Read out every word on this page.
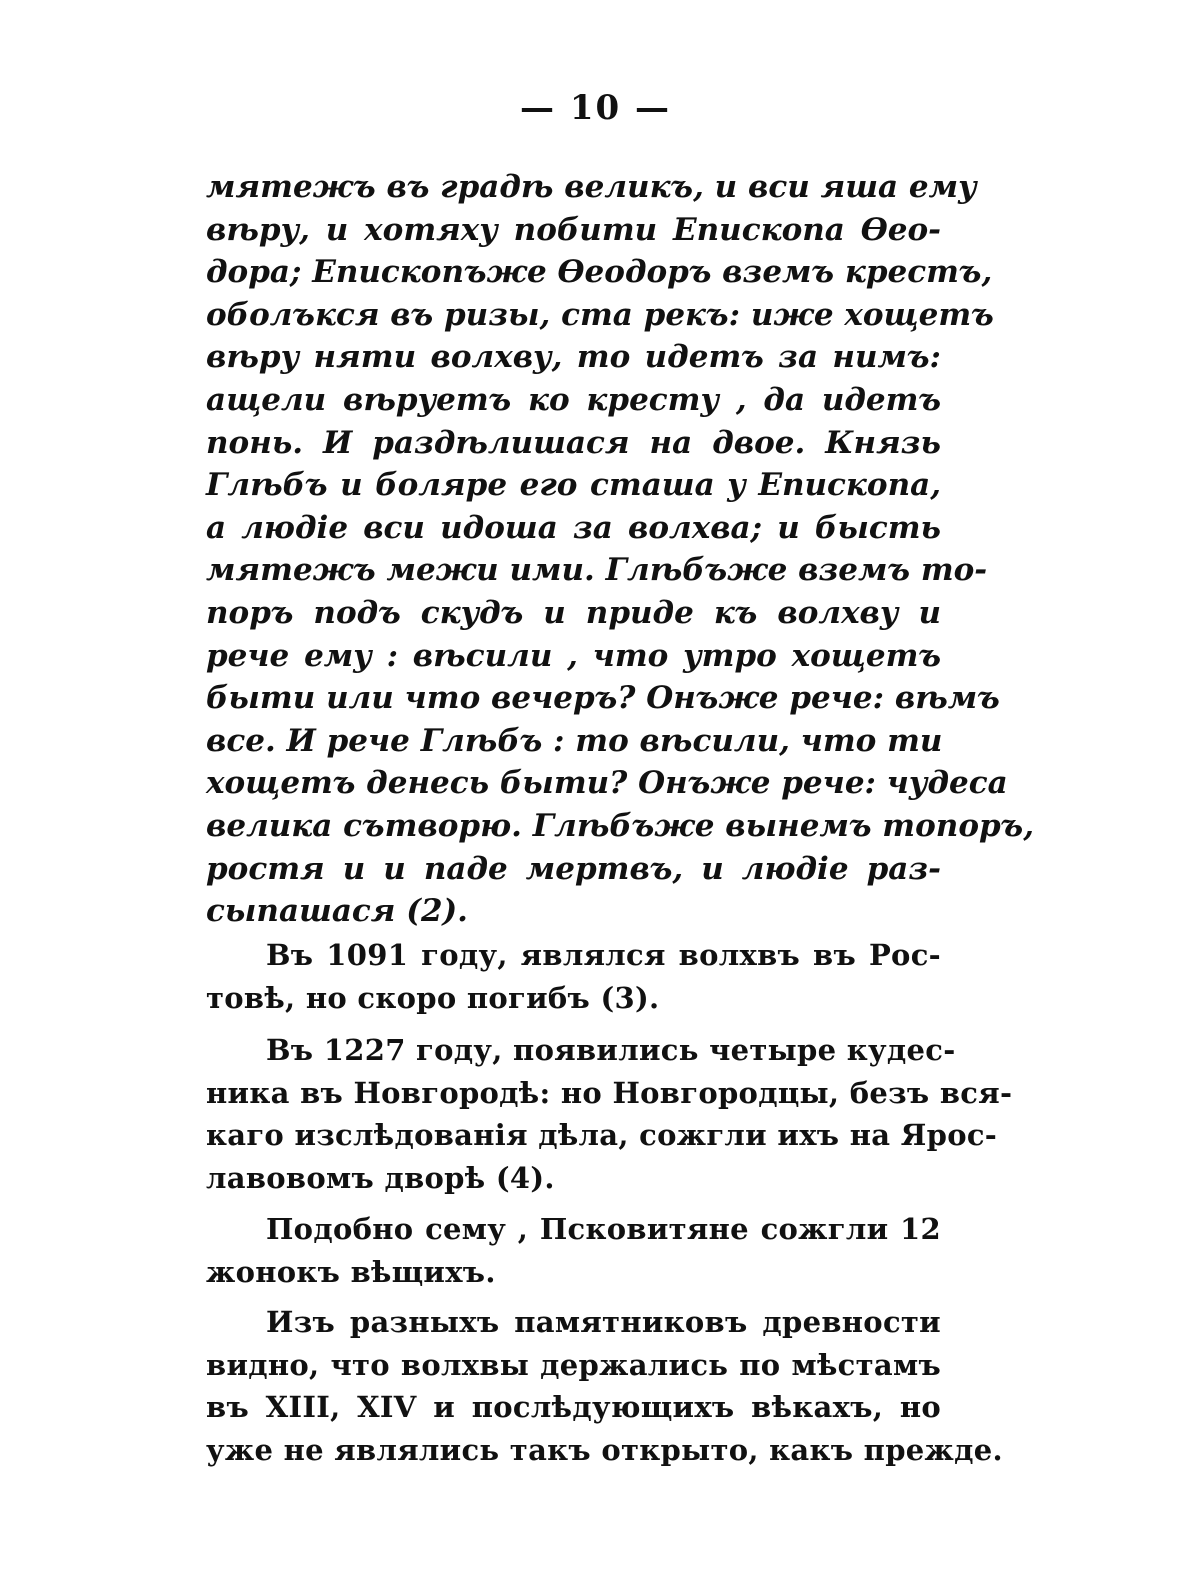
— 10 —
мятежъ въ градѣ великъ, и вси яша ему
вѣру, и хотяху побити Епископа Ѳео-
дора; Епископъже Ѳеодоръ вземъ крестъ,
оболъкся въ ризы, ста рекъ: иже хощетъ
вѣру няти волхву, то идетъ за нимъ:
ащели вѣруетъ ко кресту , да идетъ
понь. И раздѣлишася на двое. Князь
Глѣбъ и боляре его сташа у Епископа,
а людіе вси идоша за волхва; и бысть
мятежъ межи ими. Глѣбъже вземъ то-
поръ подъ скудъ и приде къ волхву и
рече ему : вѣсили , что утро хощетъ
быти или что вечеръ? Онъже рече: вѣмъ
все. И рече Глѣбъ : то вѣсили, что ти
хощетъ денесь быти? Онъже рече: чудеса
велика сътворю. Глѣбъже вынемъ топоръ,
ростя и и паде мертвъ, и людіе раз-
сыпашася (2).
Въ 1091 году, являлся волхвъ въ Рос-
товѣ, но скоро погибъ (3).
Въ 1227 году, появились четыре кудес-
ника въ Новгородѣ: но Новгородцы, безъ вся-
каго изслѣдованія дѣла, сожгли ихъ на Ярос-
лавовомъ дворѣ (4).
Подобно сему , Псковитяне сожгли 12
жонокъ вѣщихъ.
Изъ разныхъ памятниковъ древности
видно, что волхвы держались по мѣстамъ
въ XIII, XIV и послѣдующихъ вѣкахъ, но
уже не являлись такъ открыто, какъ прежде.
